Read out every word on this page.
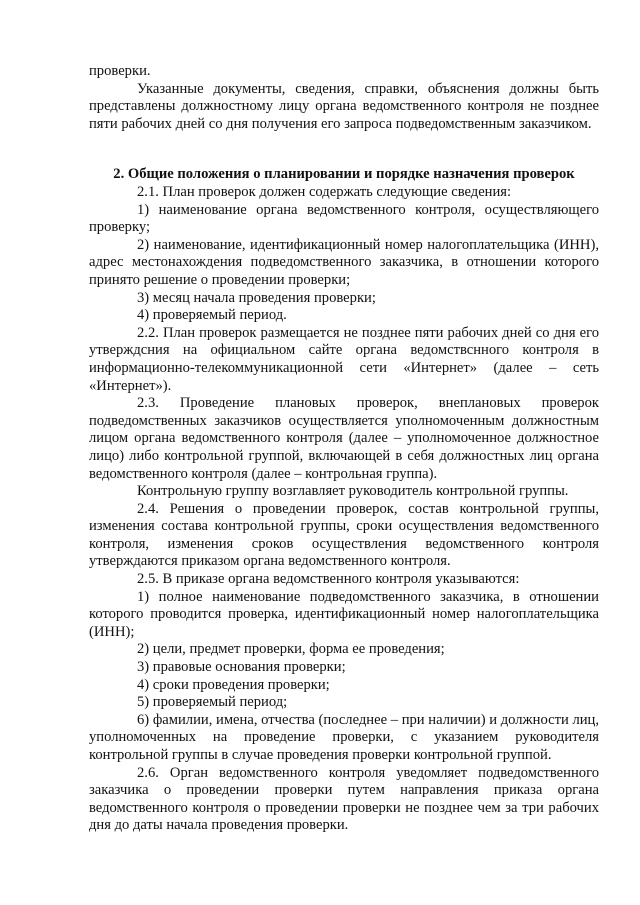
проверки.

Указанные документы, сведения, справки, объяснения должны быть представлены должностному лицу органа ведомственного контроля не позднее пяти рабочих дней со дня получения его запроса подведомственным заказчиком.

2. Общие положения о планировании и порядке назначения проверок

2.1. План проверок должен содержать следующие сведения:

1) наименование органа ведомственного контроля, осуществляющего проверку;

2) наименование, идентификационный номер налогоплательщика (ИНН), адрес местонахождения подведомственного заказчика, в отношении которого принято решение о проведении проверки;

3) месяц начала проведения проверки;

4) проверяемый период.

2.2. План проверок размещается не позднее пяти рабочих дней со дня его утверждсния на официальном сайте органа ведомствснного контроля в информационно-телекоммуникационной сети «Интернет» (далее – сеть «Интернет»).

2.3. Проведение плановых проверок, внеплановых проверок подведомственных заказчиков осуществляется уполномоченным должностным лицом органа ведомственного контроля (далее – уполномоченное должностное лицо) либо контрольной группой, включающей в себя должностных лиц органа ведомственного контроля (далее – контрольная группа).

Контрольную группу возглавляет руководитель контрольной группы.

2.4. Решения о проведении проверок, состав контрольной группы, изменения состава контрольной группы, сроки осуществления ведомственного контроля, изменения сроков осуществления ведомственного контроля утверждаются приказом органа ведомственного контроля.

2.5. В приказе органа ведомственного контроля указываются:

1) полное наименование подведомственного заказчика, в отношении которого проводится проверка, идентификационный номер налогоплательщика (ИНН);

2) цели, предмет проверки, форма ее проведения;

3) правовые основания проверки;

4) сроки проведения проверки;

5) проверяемый период;

6) фамилии, имена, отчества (последнее – при наличии) и должности лиц, уполномоченных на проведение проверки, с указанием руководителя контрольной группы в случае проведения проверки контрольной группой.

2.6. Орган ведомственного контроля уведомляет подведомственного заказчика о проведении проверки путем направления приказа органа ведомственного контроля о проведении проверки не позднее чем за три рабочих дня до даты начала проведения проверки.
